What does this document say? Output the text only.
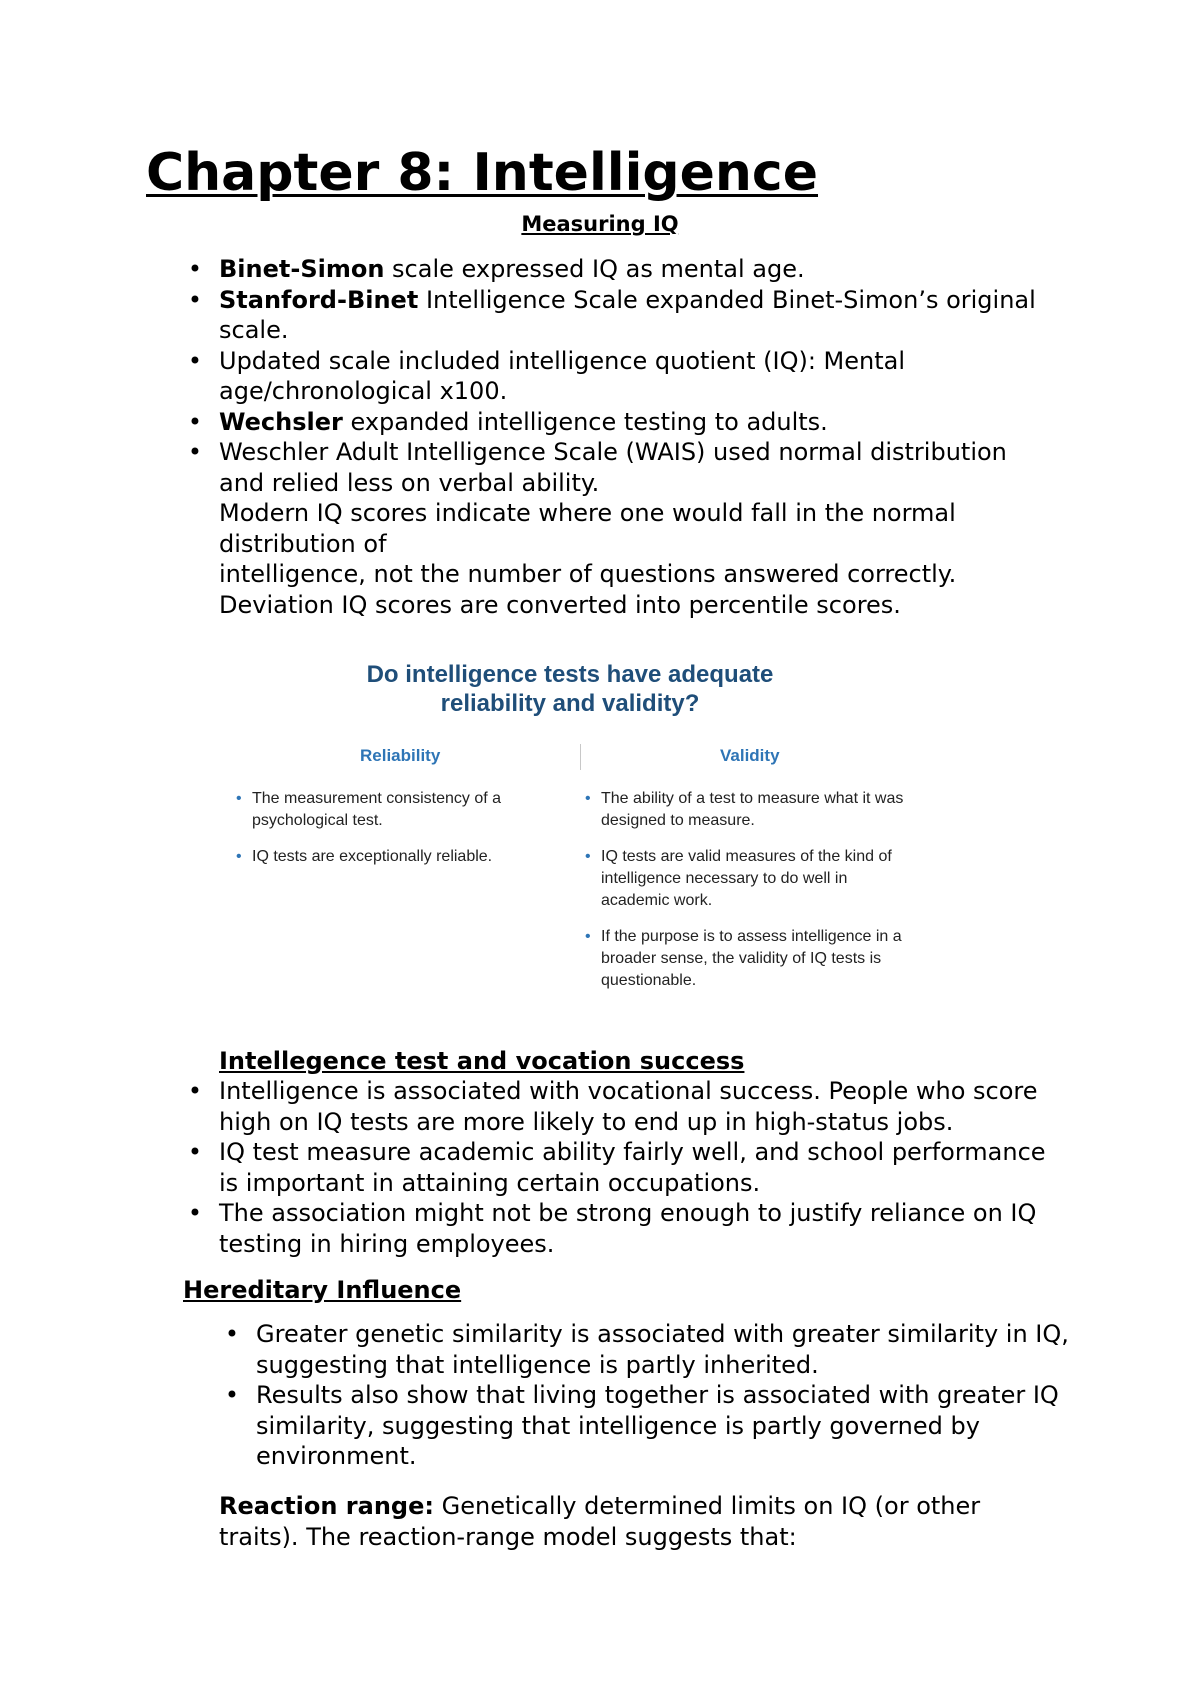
Chapter 8: Intelligence
Measuring IQ
• Binet-Simon scale expressed IQ as mental age.
• Stanford-Binet Intelligence Scale expanded Binet-Simon’s original scale.
• Updated scale included intelligence quotient (IQ): Mental age/chronological x100.
• Wechsler expanded intelligence testing to adults.
• Weschler Adult Intelligence Scale (WAIS) used normal distribution and relied less on verbal ability.
Modern IQ scores indicate where one would fall in the normal distribution of
intelligence, not the number of questions answered correctly.
Deviation IQ scores are converted into percentile scores.

Do intelligence tests have adequate
reliability and validity?

Reliability	Validity

• The measurement consistency of a psychological test.
• IQ tests are exceptionally reliable.
• The ability of a test to measure what it was designed to measure.
• IQ tests are valid measures of the kind of intelligence necessary to do well in academic work.
• If the purpose is to assess intelligence in a broader sense, the validity of IQ tests is questionable.
Intellegence test and vocation success
• Intelligence is associated with vocational success. People who score high on IQ tests are more likely to end up in high-status jobs.
• IQ test measure academic ability fairly well, and school performance is important in attaining certain occupations.
• The association might not be strong enough to justify reliance on IQ testing in hiring employees.
Hereditary Influence
• Greater genetic similarity is associated with greater similarity in IQ, suggesting that intelligence is partly inherited.
• Results also show that living together is associated with greater IQ similarity, suggesting that intelligence is partly governed by environment.

Reaction range: Genetically determined limits on IQ (or other traits). The reaction-range model suggests that:
